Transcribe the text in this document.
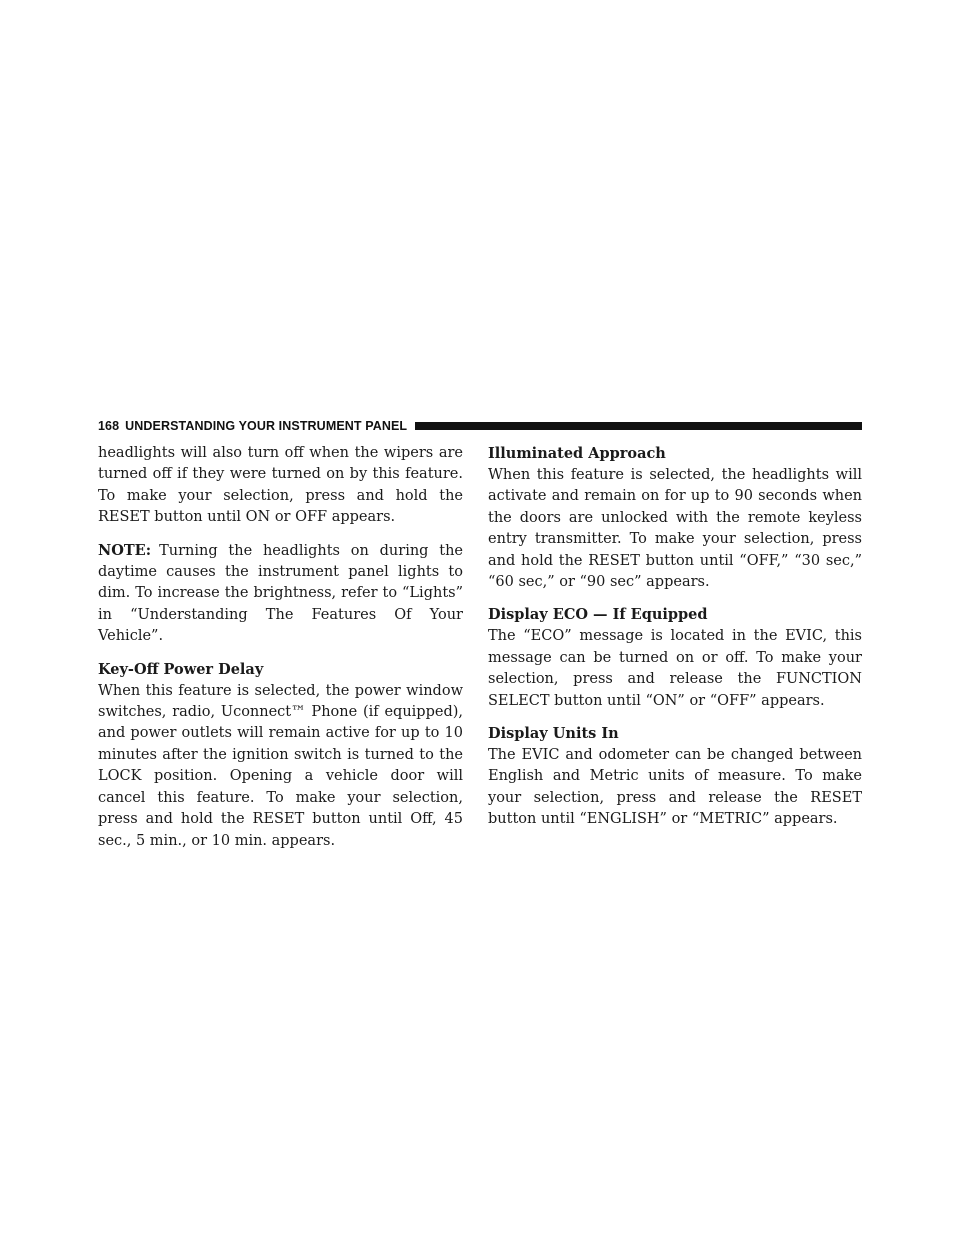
168 UNDERSTANDING YOUR INSTRUMENT PANEL

headlights will also turn off when the wipers are turned off if they were turned on by this feature. To make your selection, press and hold the RESET button until ON or OFF appears.

NOTE: Turning the headlights on during the daytime causes the instrument panel lights to dim. To increase the brightness, refer to “Lights” in “Understanding The Features Of Your Vehicle”.

Key-Off Power Delay

When this feature is selected, the power window switches, radio, Uconnect™ Phone (if equipped), and power outlets will remain active for up to 10 minutes after the ignition switch is turned to the LOCK position. Opening a vehicle door will cancel this feature. To make your selection, press and hold the RESET button until Off, 45 sec., 5 min., or 10 min. appears.

Illuminated Approach

When this feature is selected, the headlights will activate and remain on for up to 90 seconds when the doors are unlocked with the remote keyless entry transmitter. To make your selection, press and hold the RESET button until “OFF,” “30 sec,” “60 sec,” or “90 sec” appears.

Display ECO — If Equipped

The “ECO” message is located in the EVIC, this message can be turned on or off. To make your selection, press and release the FUNCTION SELECT button until “ON” or “OFF” appears.

Display Units In

The EVIC and odometer can be changed between English and Metric units of measure. To make your selection, press and release the RESET button until “ENGLISH” or “METRIC” appears.
